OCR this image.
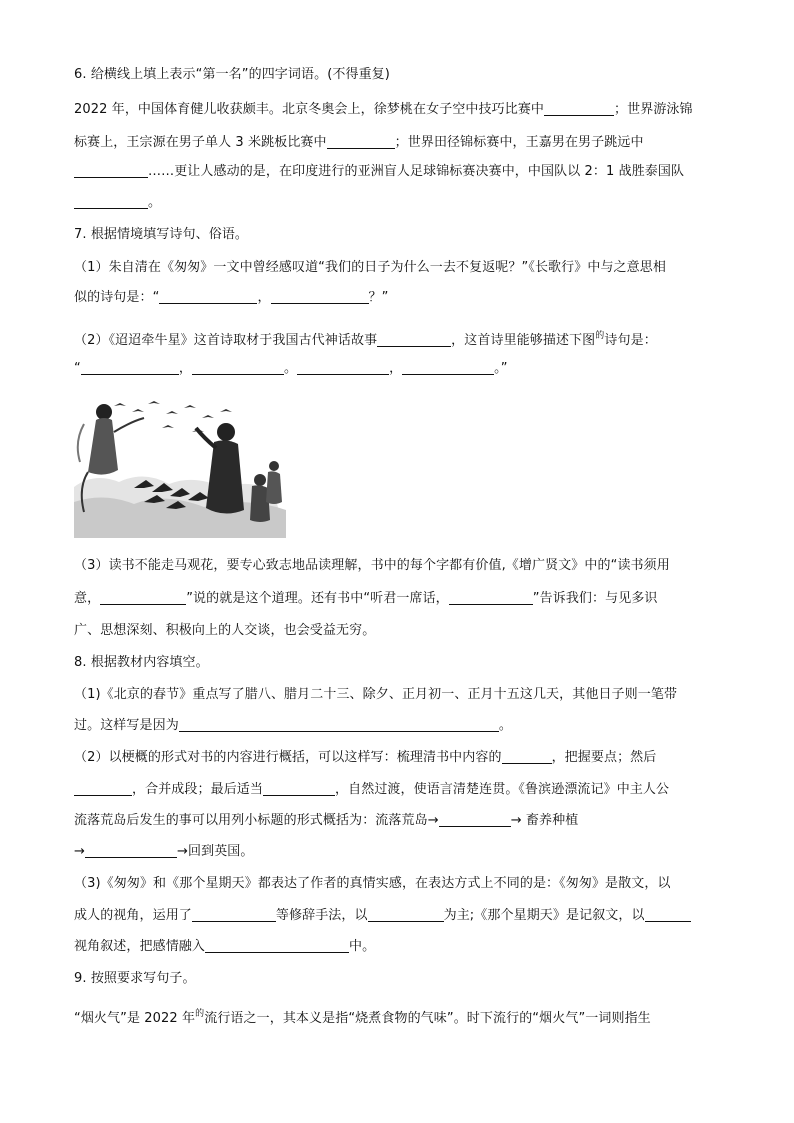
6. 给横线上填上表示“第一名”的四字词语。(不得重复)
2022 年，中国体育健儿收获颇丰。北京冬奥会上，徐梦桃在女子空中技巧比赛中	；世界游泳锦
标赛上，王宗源在男子单人 3 米跳板比赛中	；世界田径锦标赛中，王嘉男在男子跳远中
……更让人感动的是，在印度进行的亚洲盲人足球锦标赛决赛中，中国队以 2：1 战胜泰国队
。
7. 根据情境填写诗句、俗语。
（1）朱自清在《匆匆》一文中曾经感叹道“我们的日子为什么一去不复返呢？”《长歌行》中与之意思相
似的诗句是：“	，	？”
（2）《迢迢牵牛星》这首诗取材于我国古代神话故事	，这首诗里能够描述下图$^的$诗句是：
“	，	。	，	。”
（3）读书不能走马观花，要专心致志地品读理解，书中的每个字都有价值,《增广贤文》中的“读书须用
意，	”说的就是这个道理。还有书中“听君一席话，	”告诉我们：与见多识
广、思想深刻、积极向上的人交谈，也会受益无穷。
8. 根据教材内容填空。
（1)《北京的春节》重点写了腊八、腊月二十三、除夕、正月初一、正月十五这几天，其他日子则一笔带
过。这样写是因为	。
（2）以梗概的形式对书的内容进行概括，可以这样写：梳理清书中内容的	，把握要点；然后
，合并成段；最后适当	，自然过渡，使语言清楚连贯。《鲁滨逊漂流记》中主人公
流落荒岛后发生的事可以用列小标题的形式概括为：流落荒岛→	→ 畜养种植
→	→回到英国。
（3)《匆匆》和《那个星期天》都表达了作者的真情实感，在表达方式上不同的是：《匆匆》是散文，以
成人的视角，运用了	等修辞手法，以	为主;《那个星期天》是记叙文，以
视角叙述，把感情融入	中。
9. 按照要求写句子。
“烟火气”是 2022 年$^的$流行语之一，其本义是指“烧煮食物的气味”。时下流行的“烟火气”一词则指生
